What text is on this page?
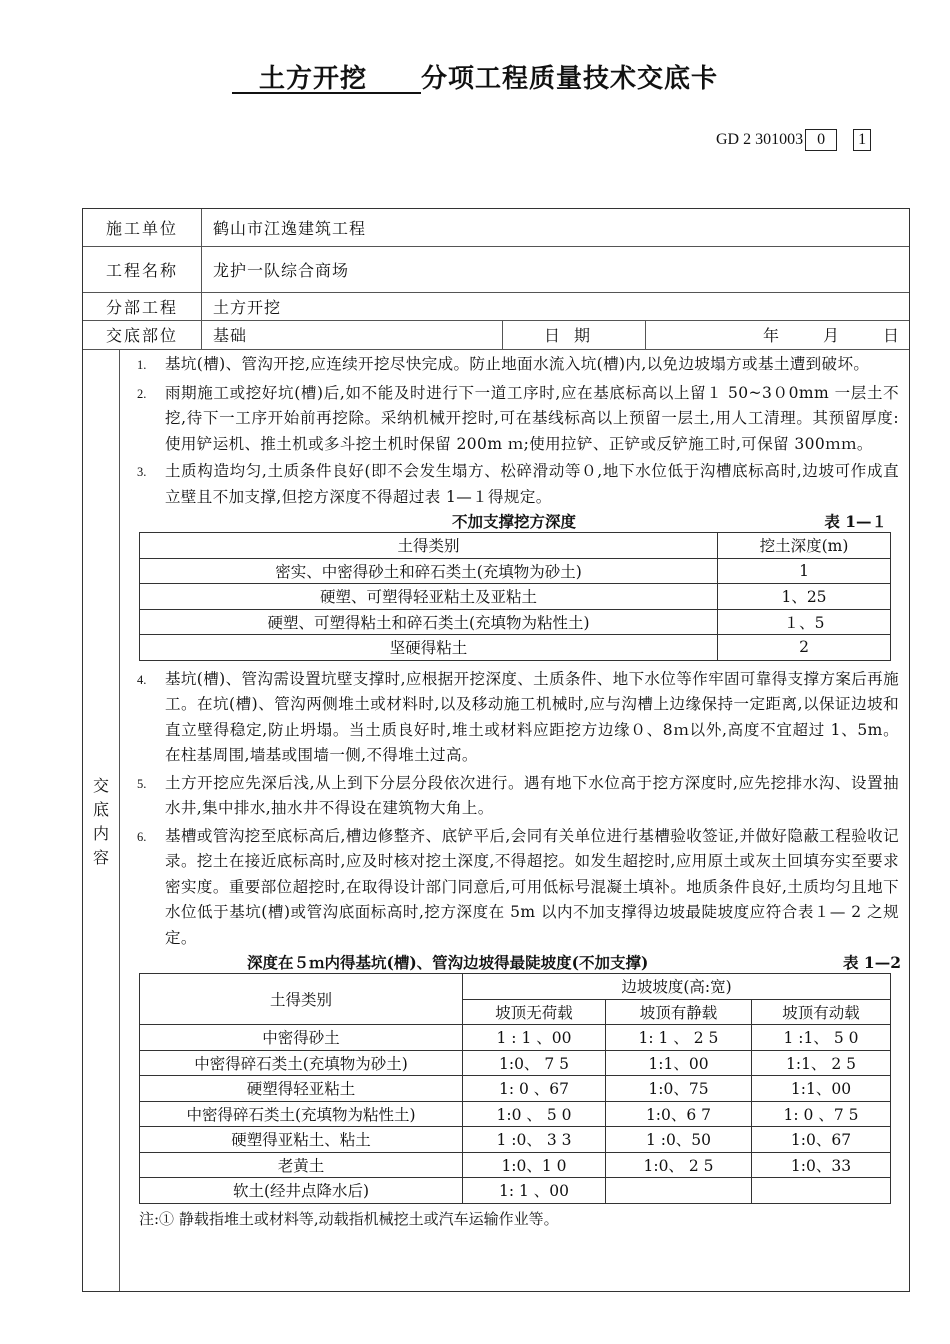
　土方开挖　　分项工程质量技术交底卡
GD 2 301003 0	1
施工单位	鹤山市江逸建筑工程
工程名称	龙护一队综合商场
分部工程	土方开挖
交底部位	基础	日期	年	月	日
交
底
内
容
1.	基坑(槽)、管沟开挖,应连续开挖尽快完成。防止地面水流入坑(槽)内,以免边坡塌方或基土遭到破坏。
2.	雨期施工或挖好坑(槽)后,如不能及时进行下一道工序时,应在基底标高以上留１ 50~3０0mm 一层土不挖,待下一工序开始前再挖除。采纳机械开挖时,可在基线标高以上预留一层土,用人工清理。其预留厚度:使用铲运机、推土机或多斗挖土机时保留 200m ｍ;使用拉铲、正铲或反铲施工时,可保留 300ｍｍ。
3.	土质构造均匀,土质条件良好(即不会发生塌方、松碎滑动等０,地下水位低于沟槽底标高时,边坡可作成直立壁且不加支撑,但挖方深度不得超过表 1—１得规定。
不加支撑挖方深度	表 1—１
土得类别	挖土深度(m)
密实、中密得砂土和碎石类土(充填物为砂土)	1
硬塑、可塑得轻亚粘土及亚粘土	1、25
硬塑、可塑得粘土和碎石类土(充填物为粘性土)	１、5
坚硬得粘土	2
4.	基坑(槽)、管沟需设置坑壁支撑时,应根据开挖深度、土质条件、地下水位等作牢固可靠得支撑方案后再施工。在坑(槽)、管沟两侧堆土或材料时,以及移动施工机械时,应与沟槽上边缘保持一定距离,以保证边坡和直立壁得稳定,防止坍塌。当土质良好时,堆土或材料应距挖方边缘０、8ｍ以外,高度不宜超过 1、5m。在柱基周围,墙基或围墙一侧,不得堆土过高。
5.	土方开挖应先深后浅,从上到下分层分段依次进行。遇有地下水位高于挖方深度时,应先挖排水沟、设置抽水井,集中排水,抽水井不得设在建筑物大角上。
6.	基槽或管沟挖至底标高后,槽边修整齐、底铲平后,会同有关单位进行基槽验收签证,并做好隐蔽工程验收记录。挖土在接近底标高时,应及时核对挖土深度,不得超挖。如发生超挖时,应用原土或灰土回填夯实至要求密实度。重要部位超挖时,在取得设计部门同意后,可用低标号混凝土填补。地质条件良好,土质均匀且地下水位低于基坑(槽)或管沟底面标高时,挖方深度在 5m 以内不加支撑得边坡最陡坡度应符合表１— 2 之规定。
深度在５ｍ内得基坑(槽)、管沟边坡得最陡坡度(不加支撑)	表 1—2
土得类别	边坡坡度(高:宽)		
	坡顶无荷载	坡顶有静载	坡顶有动载
中密得砂土	1 : 1 、00	1: 1 、 2 5	1 :1、 5 0
中密得碎石类土(充填物为砂土)	1:0、 7 5	1:1、00	1:1、 2 5
硬塑得轻亚粘土	1: 0 、67	1:0、75	1:1、00
中密得碎石类土(充填物为粘性土)	1:0 、 5 0	1:0、6 7	1: 0 、7 5
硬塑得亚粘土、粘土	1 :0、 3 3	1 :0、50	1:0、67
老黄土	1:0、1 0	1:0、 2 5	1:0、33
软土(经井点降水后)	1: 1 、00		
注:① 静载指堆土或材料等,动载指机械挖土或汽车运输作业等。
